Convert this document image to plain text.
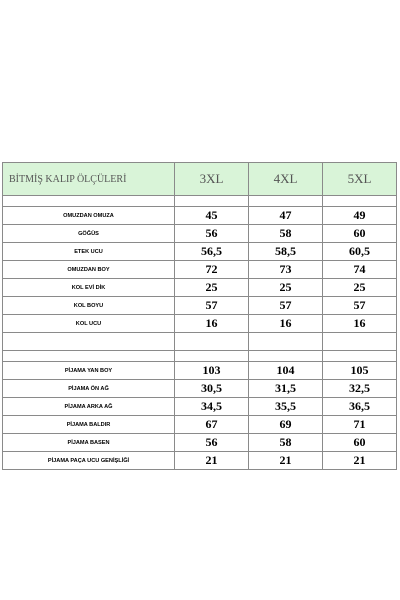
BİTMİŞ KALIP ÖLÇÜLERİ	3XL	4XL	5XL

OMUZDAN OMUZA	45	47	49
GÖĞÜS	56	58	60
ETEK UCU	56,5	58,5	60,5
OMUZDAN BOY	72	73	74
KOL EVİ DİK	25	25	25
KOL BOYU	57	57	57
KOL UCU	16	16	16

PİJAMA YAN BOY	103	104	105
PİJAMA ÖN AĞ	30,5	31,5	32,5
PİJAMA ARKA AĞ	34,5	35,5	36,5
PİJAMA BALDIR	67	69	71
PİJAMA BASEN	56	58	60
PİJAMA PAÇA UCU GENİŞLİĞİ	21	21	21
